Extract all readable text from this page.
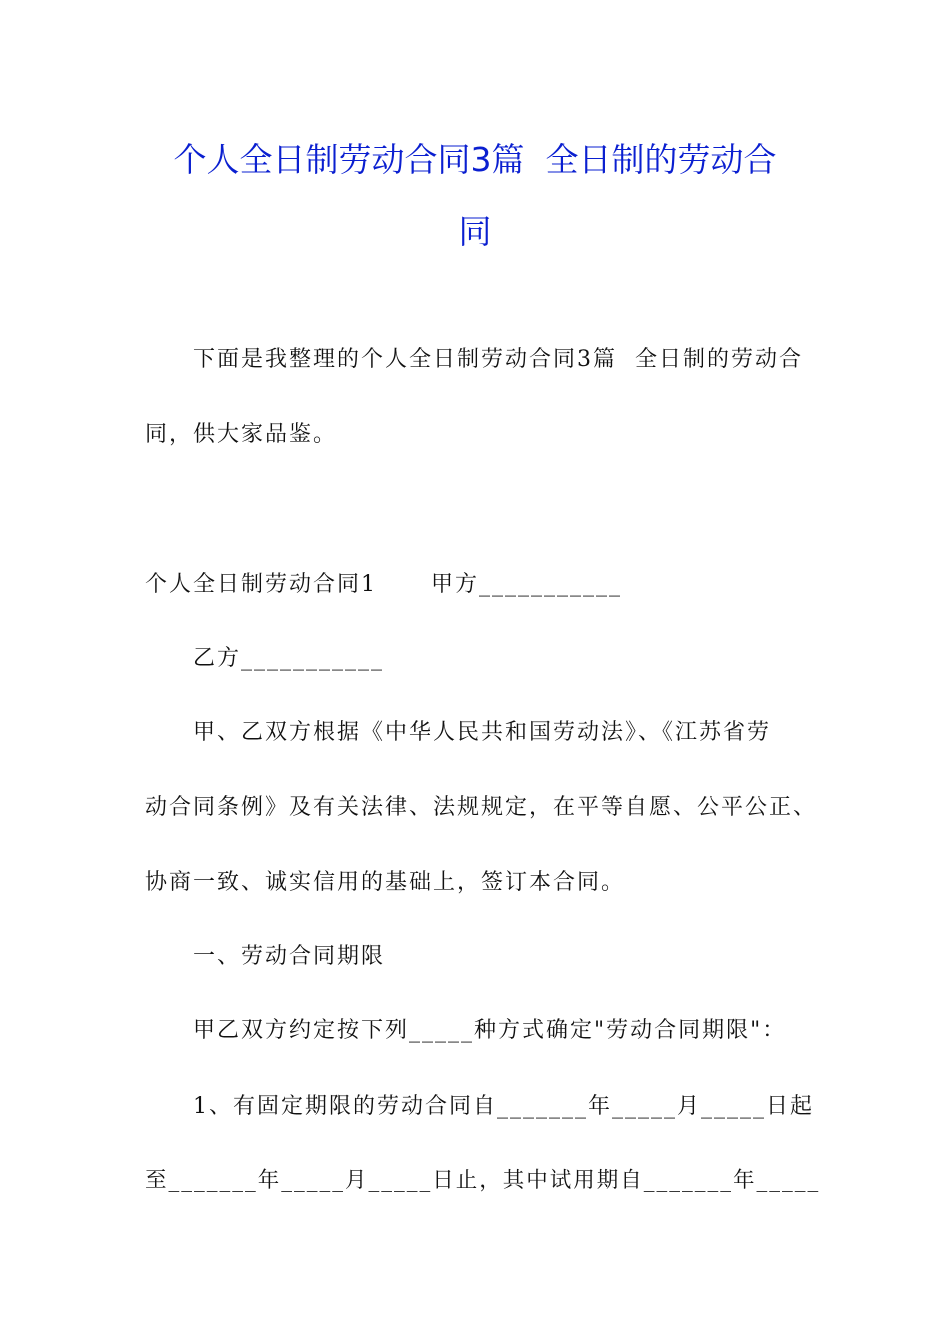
个人全日制劳动合同3篇  全日制的劳动合
同
下面是我整理的个人全日制劳动合同3篇  全日制的劳动合
同，供大家品鉴。
个人全日制劳动合同1      甲方___________
乙方___________
甲、乙双方根据《中华人民共和国劳动法》、《江苏省劳
动合同条例》及有关法律、法规规定，在平等自愿、公平公正、
协商一致、诚实信用的基础上，签订本合同。
一、劳动合同期限
甲乙双方约定按下列_____种方式确定"劳动合同期限"：
1、有固定期限的劳动合同自_______年_____月_____日起
至_______年_____月_____日止，其中试用期自_______年_____
